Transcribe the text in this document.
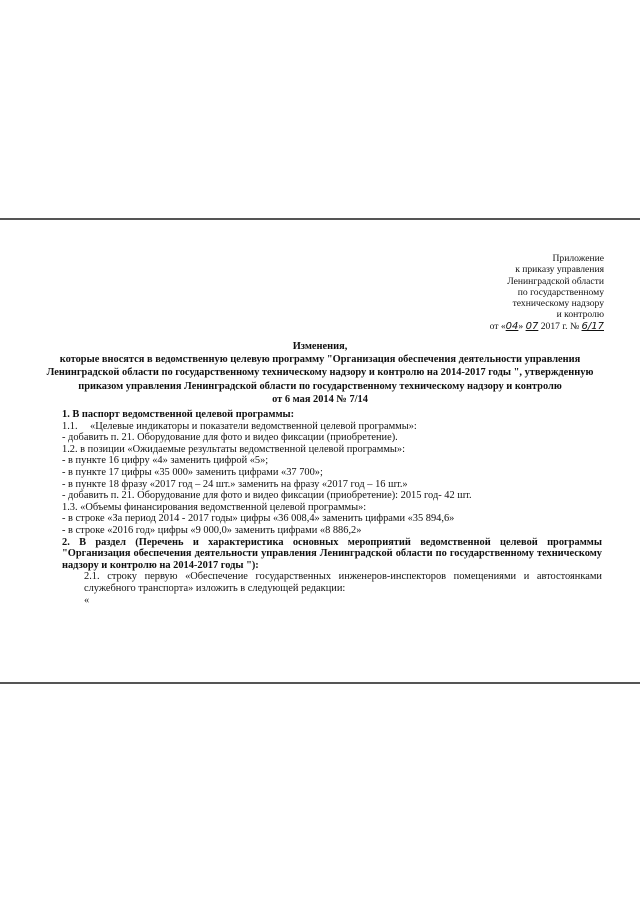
Приложение
к приказу управления
Ленинградской области
по государственному
техническому надзору
и контролю
от «04» 07 2017 г. № 6/17
Изменения,
которые вносятся в ведомственную целевую программу "Организация обеспечения деятельности управления
Ленинградской области по государственному техническому надзору и контролю на 2014-2017 годы ", утвержденную
приказом управления Ленинградской области по государственному техническому надзору и контролю
от 6 мая 2014 № 7/14
1. В паспорт ведомственной целевой программы:
1.1. «Целевые индикаторы и показатели ведомственной целевой программы»:
- добавить п. 21. Оборудование для фото и видео фиксации (приобретение).
1.2. в позиции «Ожидаемые результаты ведомственной целевой программы»:
- в пункте 16 цифру «4» заменить цифрой «5»;
- в пункте 17 цифры «35 000» заменить цифрами «37 700»;
- в пункте 18 фразу «2017 год – 24 шт.» заменить на фразу «2017 год – 16 шт.»
- добавить п. 21. Оборудование для фото и видео фиксации (приобретение): 2015 год- 42 шт.
1.3. «Объемы финансирования ведомственной целевой программы»:
- в строке «За период 2014 - 2017 годы» цифры «36 008,4» заменить цифрами «35 894,6»
- в строке «2016 год» цифры «9 000,0» заменить цифрами «8 886,2»
2. В раздел (Перечень и характеристика основных мероприятий ведомственной целевой программы "Организация обеспечения деятельности управления Ленинградской области по государственному техническому надзору и контролю на 2014-2017 годы "):
2.1. строку первую «Обеспечение государственных инженеров-инспекторов помещениями и автостоянками служебного транспорта» изложить в следующей редакции:
«
